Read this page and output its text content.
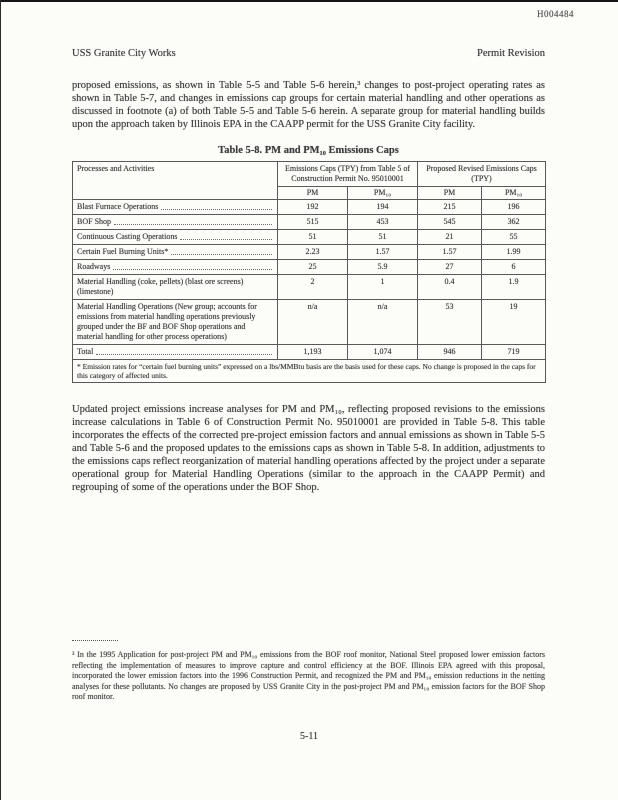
H004484
USS Granite City Works	Permit Revision

proposed emissions, as shown in Table 5-5 and Table 5-6 herein,³ changes to post-project operating rates as shown in Table 5-7, and changes in emissions cap groups for certain material handling and other operations as discussed in footnote (a) of both Table 5-5 and Table 5-6 herein. A separate group for material handling builds upon the approach taken by Illinois EPA in the CAAPP permit for the USS Granite City facility.

Table 5-8. PM and PM₁₀ Emissions Caps
Processes and Activities	Emissions Caps (TPY) from Table 5 of Construction Permit No. 95010001		Proposed Revised Emissions Caps (TPY)	
	PM	PM₁₀	PM	PM₁₀

Blast Furnace Operations	192	194	215	196

BOF Shop	515	453	545	362

Continuous Casting Operations	51	51	21	55

Certain Fuel Burning Units*	2.23	1.57	1.57	1.99

Roadways	25	5.9	27	6
Material Handling (coke, pellets) (blast ore screens) (limestone)	2	1	0.4	1.9
Material Handling Operations (New group; accounts for emissions from material handling operations previously grouped under the BF and BOF Shop operations and material handling for other process operations)	n/a	n/a	53	19

Total	1,193	1,074	946	719
* Emission rates for “certain fuel burning units” expressed on a lbs/MMBtu basis are the basis used for these caps. No change is proposed in the caps for this category of affected units.				

Updated project emissions increase analyses for PM and PM₁₀, reflecting proposed revisions to the emissions increase calculations in Table 6 of Construction Permit No. 95010001 are provided in Table 5-8. This table incorporates the effects of the corrected pre-project emission factors and annual emissions as shown in Table 5-5 and Table 5-6 and the proposed updates to the emissions caps as shown in Table 5-8. In addition, adjustments to the emissions caps reflect reorganization of material handling operations affected by the project under a separate operational group for Material Handling Operations (similar to the approach in the CAAPP Permit) and regrouping of some of the operations under the BOF Shop.

³ In the 1995 Application for post-project PM and PM₁₀ emissions from the BOF roof monitor, National Steel proposed lower emission factors reflecting the implementation of measures to improve capture and control efficiency at the BOF. Illinois EPA agreed with this proposal, incorporated the lower emission factors into the 1996 Construction Permit, and recognized the PM and PM₁₀ emission reductions in the netting analyses for these pollutants. No changes are proposed by USS Granite City in the post-project PM and PM₁₀ emission factors for the BOF Shop roof monitor.

5-11
